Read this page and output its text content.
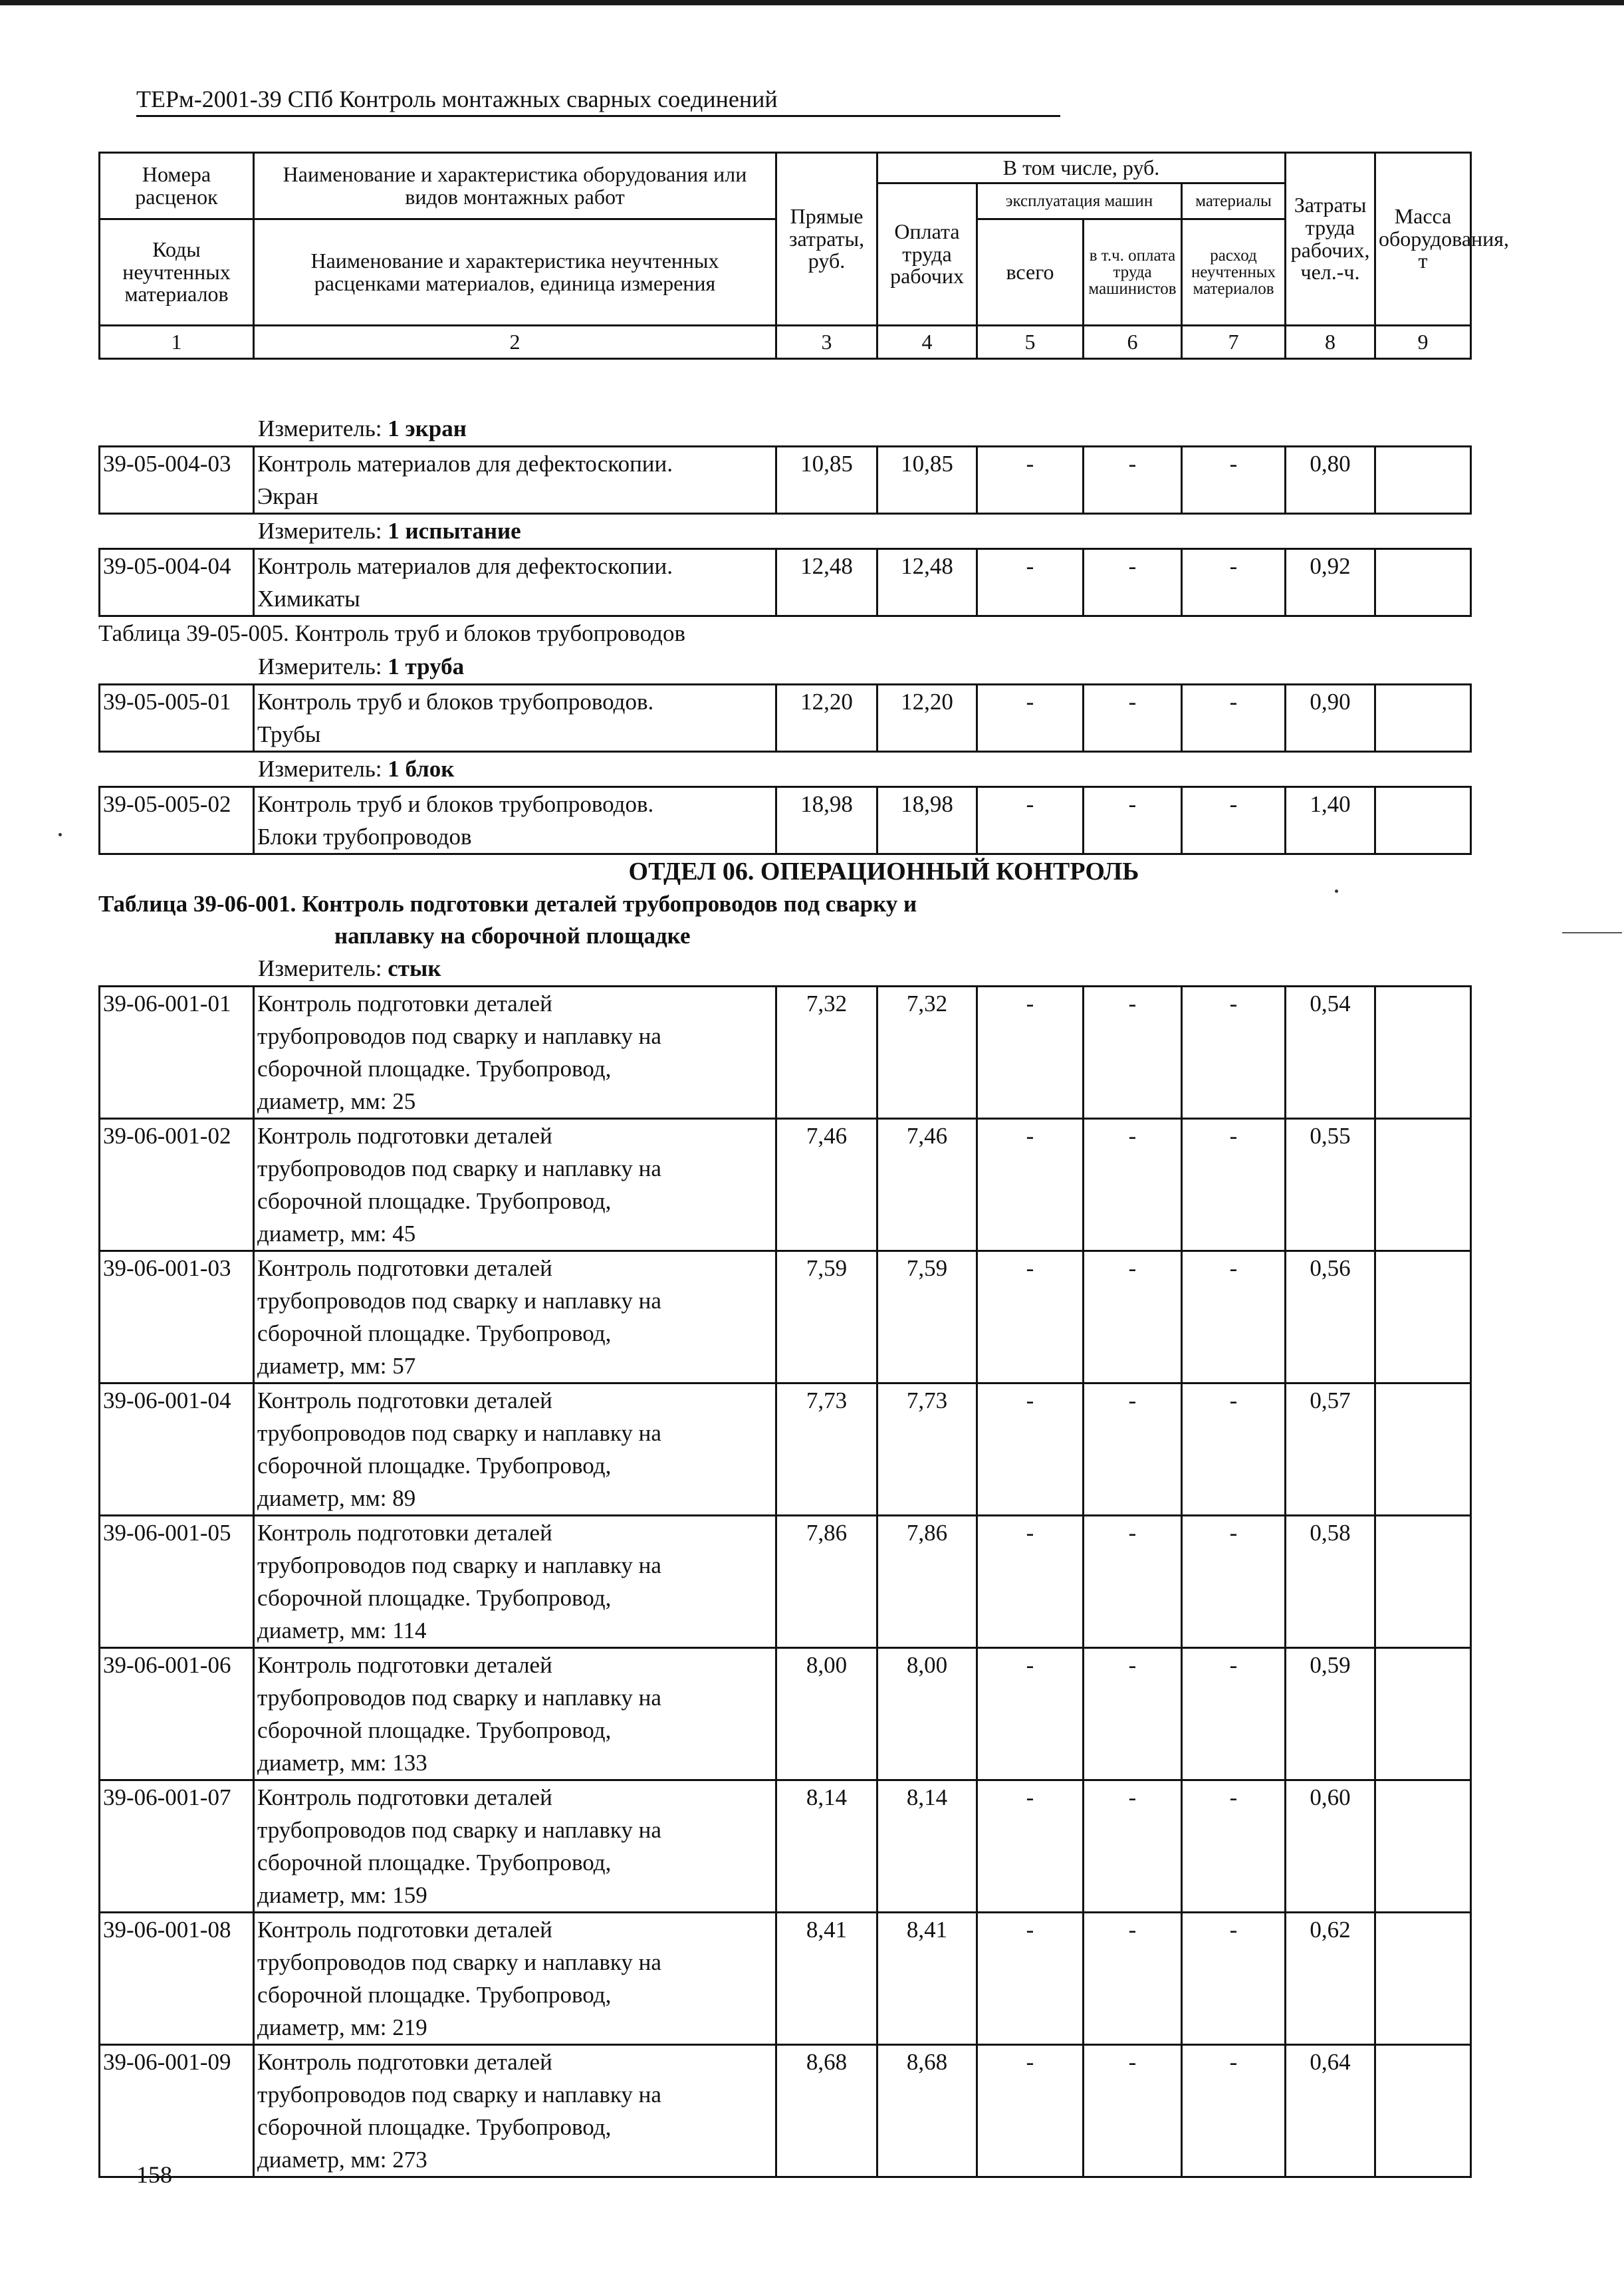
ТЕРм-2001-39 СПб Контроль монтажных сварных соединений
Номера расценок	Наименование и характеристика оборудования или видов монтажных работ	Прямые затраты, руб.	В том числе, руб.				Затраты труда рабочих, чел.-ч.	Масса оборудования, т
			Оплата труда рабочих	эксплуатация машин		материалы		
Коды неучтенных материалов	Наименование и характеристика неучтенных расценками материалов, единица измерения			всего	в т.ч. оплата труда машинистов	расход неучтенных материалов		

1	2	3	4	5	6	7	8	9
Измеритель: 1 экран
39-05-004-03	Контроль материалов для дефектоскопии.
Экран
	10,85	10,85	-	-	-	0,80	
Измеритель: 1 испытание
39-05-004-04	Контроль материалов для дефектоскопии.
Химикаты
	12,48	12,48	-	-	-	0,92	
Таблица 39-05-005. Контроль труб и блоков трубопроводов
Измеритель: 1 труба
39-05-005-01	Контроль труб и блоков трубопроводов.
Трубы
	12,20	12,20	-	-	-	0,90	
Измеритель: 1 блок
39-05-005-02	Контроль труб и блоков трубопроводов.
Блоки трубопроводов
	18,98	18,98	-	-	-	1,40	
ОТДЕЛ 06. ОПЕРАЦИОННЫЙ КОНТРОЛЬ
Таблица 39-06-001. Контроль подготовки деталей трубопроводов под сварку и
наплавку на сборочной площадке
Измеритель: стык
39-06-001-01	Контроль подготовки деталей
трубопроводов под сварку и наплавку на
сборочной площадке. Трубопровод,
диаметр, мм: 25	7,32	7,32	-	-	-	0,54	
39-06-001-02	Контроль подготовки деталей
трубопроводов под сварку и наплавку на
сборочной площадке. Трубопровод,
диаметр, мм: 45	7,46	7,46	-	-	-	0,55	
39-06-001-03	Контроль подготовки деталей
трубопроводов под сварку и наплавку на
сборочной площадке. Трубопровод,
диаметр, мм: 57	7,59	7,59	-	-	-	0,56	
39-06-001-04	Контроль подготовки деталей
трубопроводов под сварку и наплавку на
сборочной площадке. Трубопровод,
диаметр, мм: 89	7,73	7,73	-	-	-	0,57	
39-06-001-05	Контроль подготовки деталей
трубопроводов под сварку и наплавку на
сборочной площадке. Трубопровод,
диаметр, мм: 114	7,86	7,86	-	-	-	0,58	
39-06-001-06	Контроль подготовки деталей
трубопроводов под сварку и наплавку на
сборочной площадке. Трубопровод,
диаметр, мм: 133	8,00	8,00	-	-	-	0,59	
39-06-001-07	Контроль подготовки деталей
трубопроводов под сварку и наплавку на
сборочной площадке. Трубопровод,
диаметр, мм: 159	8,14	8,14	-	-	-	0,60	
39-06-001-08	Контроль подготовки деталей
трубопроводов под сварку и наплавку на
сборочной площадке. Трубопровод,
диаметр, мм: 219	8,41	8,41	-	-	-	0,62	
39-06-001-09	Контроль подготовки деталей
трубопроводов под сварку и наплавку на
сборочной площадке. Трубопровод,
диаметр, мм: 273	8,68	8,68	-	-	-	0,64	
158
